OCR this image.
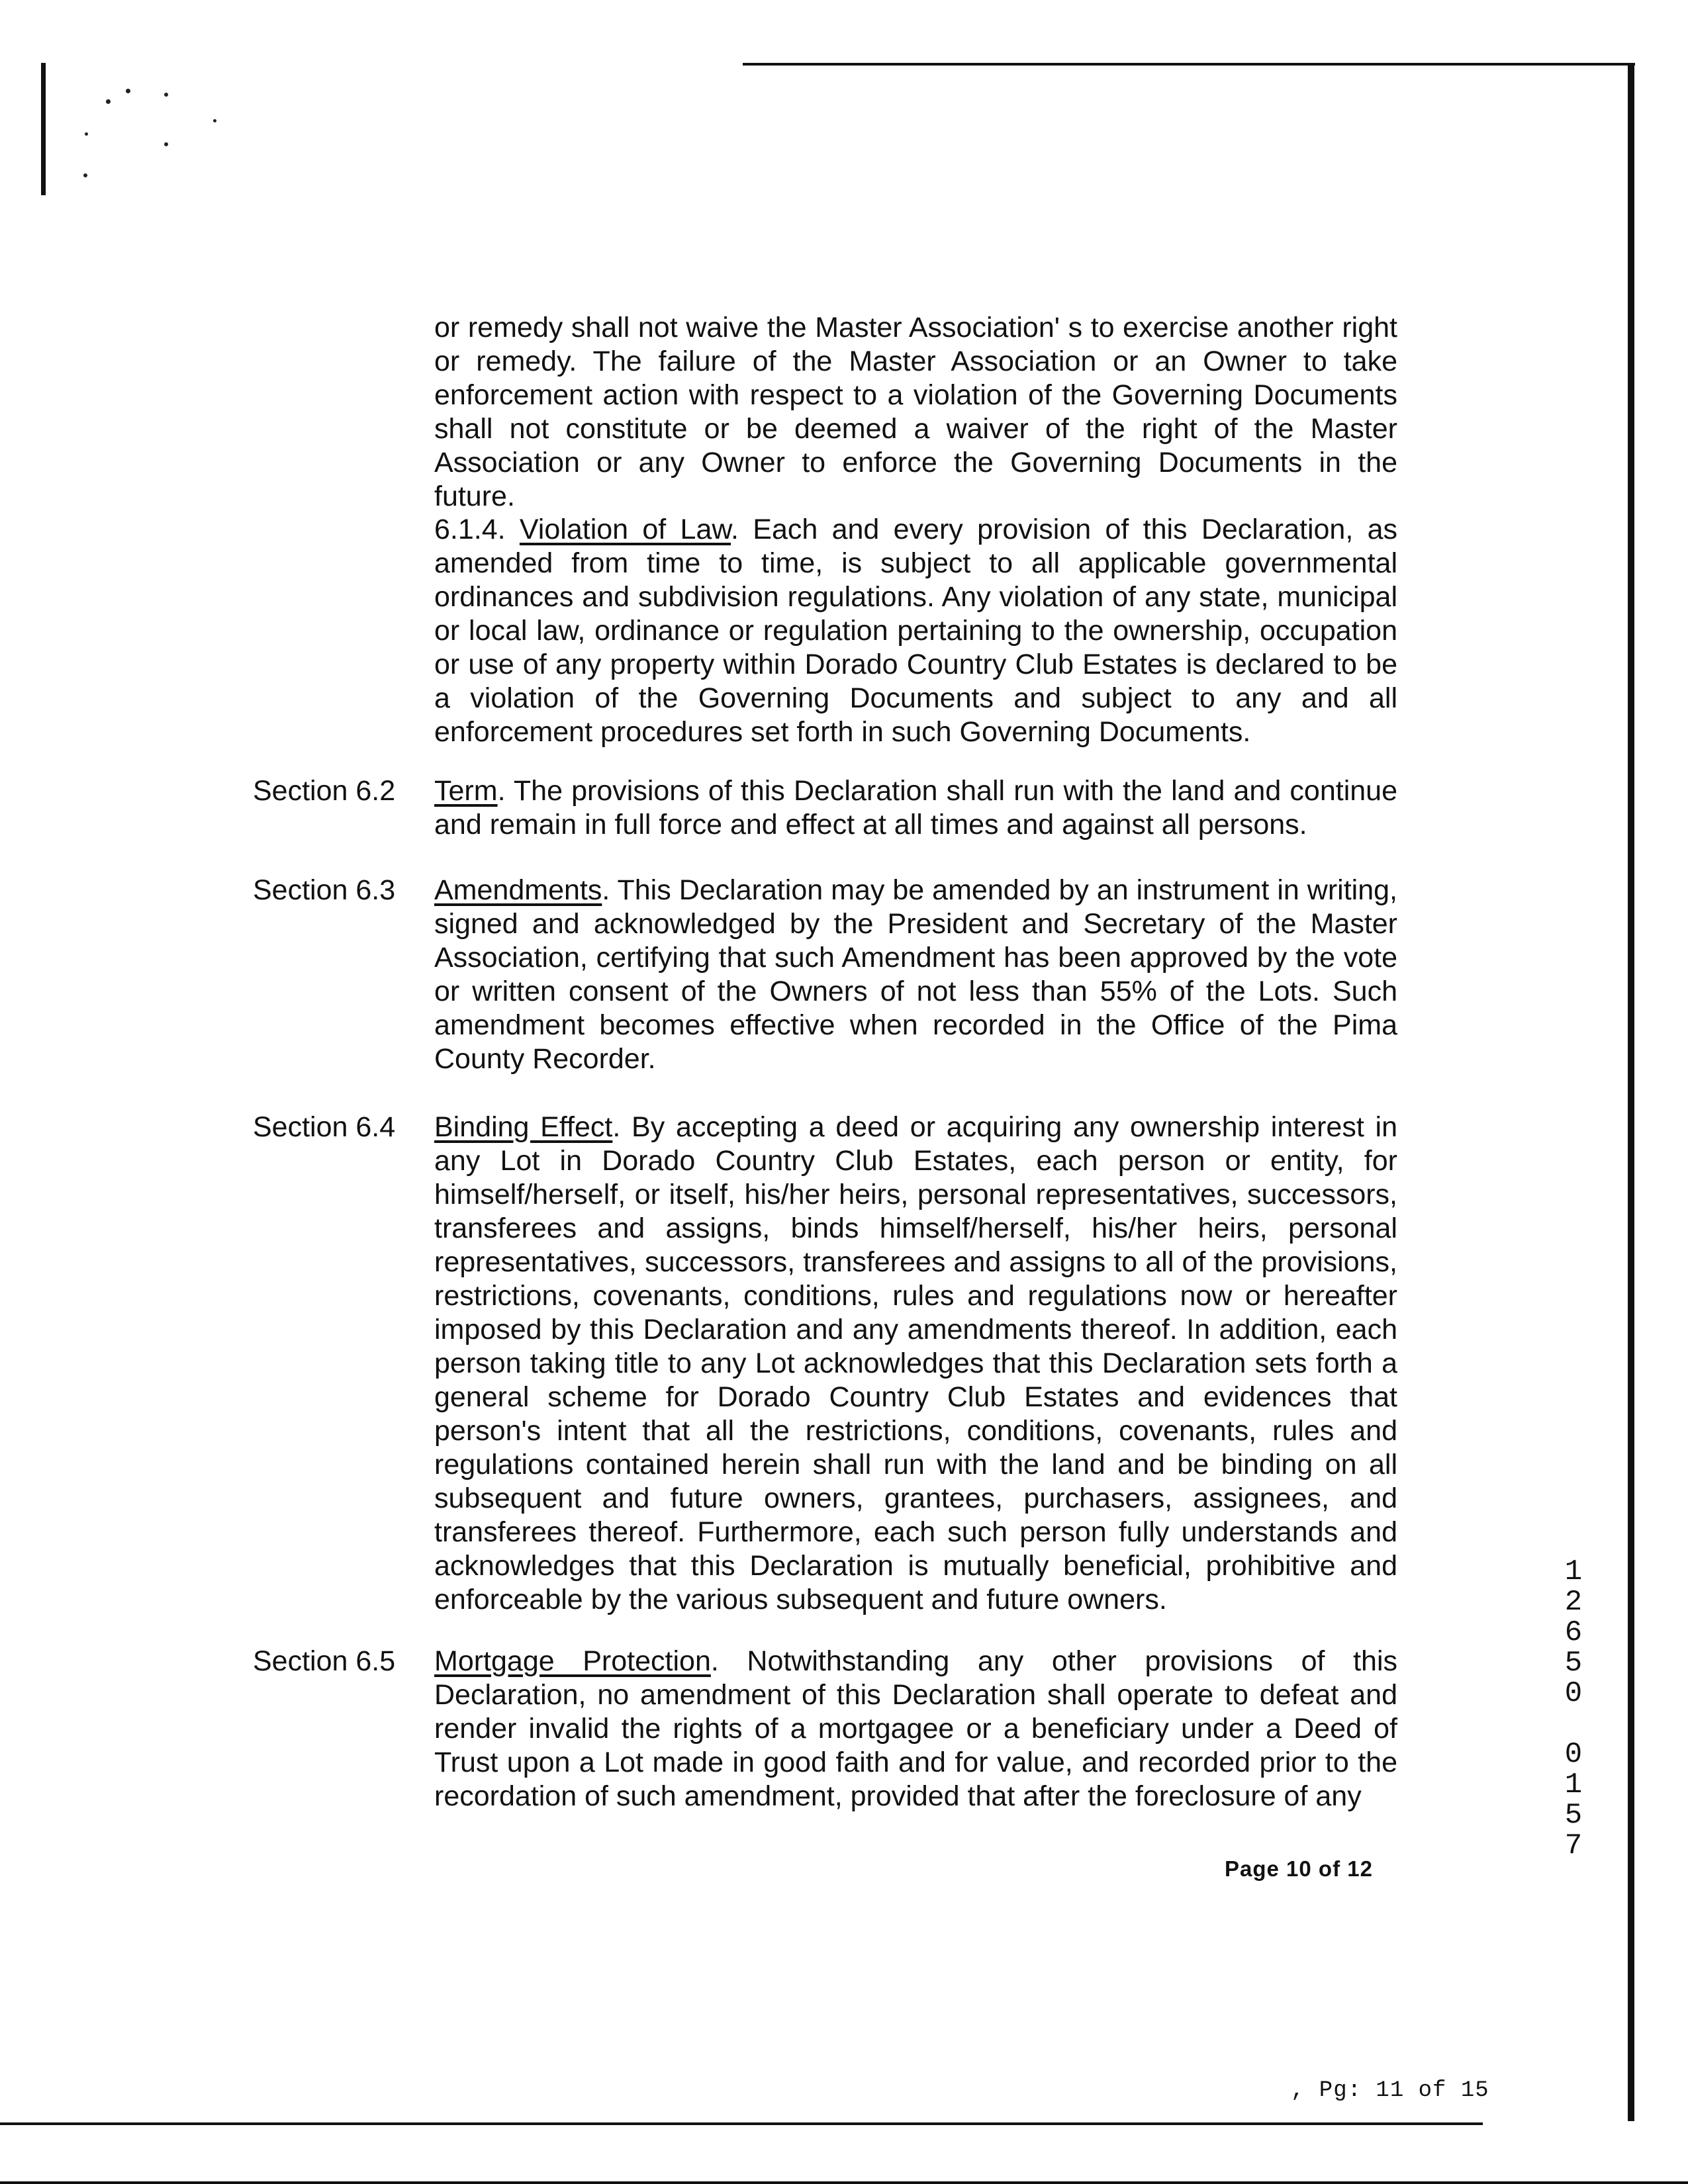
or remedy shall not waive the Master Association' s to exercise another right or remedy. The failure of the Master Association or an Owner to take enforcement action with respect to a violation of the Governing Documents shall not constitute or be deemed a waiver of the right of the Master Association or any Owner to enforce the Governing Documents in the future.
6.1.4. Violation of Law. Each and every provision of this Declaration, as amended from time to time, is subject to all applicable governmental ordinances and subdivision regulations. Any violation of any state, municipal or local law, ordinance or regulation pertaining to the ownership, occupation or use of any property within Dorado Country Club Estates is declared to be a violation of the Governing Documents and subject to any and all enforcement procedures set forth in such Governing Documents.
Section 6.2	Term. The provisions of this Declaration shall run with the land and continue and remain in full force and effect at all times and against all persons.
Section 6.3	Amendments. This Declaration may be amended by an instrument in writing, signed and acknowledged by the President and Secretary of the Master Association, certifying that such Amendment has been approved by the vote or written consent of the Owners of not less than 55% of the Lots. Such amendment becomes effective when recorded in the Office of the Pima County Recorder.
Section 6.4	Binding Effect. By accepting a deed or acquiring any ownership interest in any Lot in Dorado Country Club Estates, each person or entity, for himself/herself, or itself, his/her heirs, personal representatives, successors, transferees and assigns, binds himself/herself, his/her heirs, personal representatives, successors, transferees and assigns to all of the provisions, restrictions, covenants, conditions, rules and regulations now or hereafter imposed by this Declaration and any amendments thereof. In addition, each person taking title to any Lot acknowledges that this Declaration sets forth a general scheme for Dorado Country Club Estates and evidences that person's intent that all the restrictions, conditions, covenants, rules and regulations contained herein shall run with the land and be binding on all subsequent and future owners, grantees, purchasers, assignees, and transferees thereof. Furthermore, each such person fully understands and acknowledges that this Declaration is mutually beneficial, prohibitive and enforceable by the various subsequent and future owners.
Section 6.5	Mortgage Protection. Notwithstanding any other provisions of this Declaration, no amendment of this Declaration shall operate to defeat and render invalid the rights of a mortgagee or a beneficiary under a Deed of Trust upon a Lot made in good faith and for value, and recorded prior to the recordation of such amendment, provided that after the foreclosure of any
Page 10 of 12
12650 0157
, Pg: 11 of 15
